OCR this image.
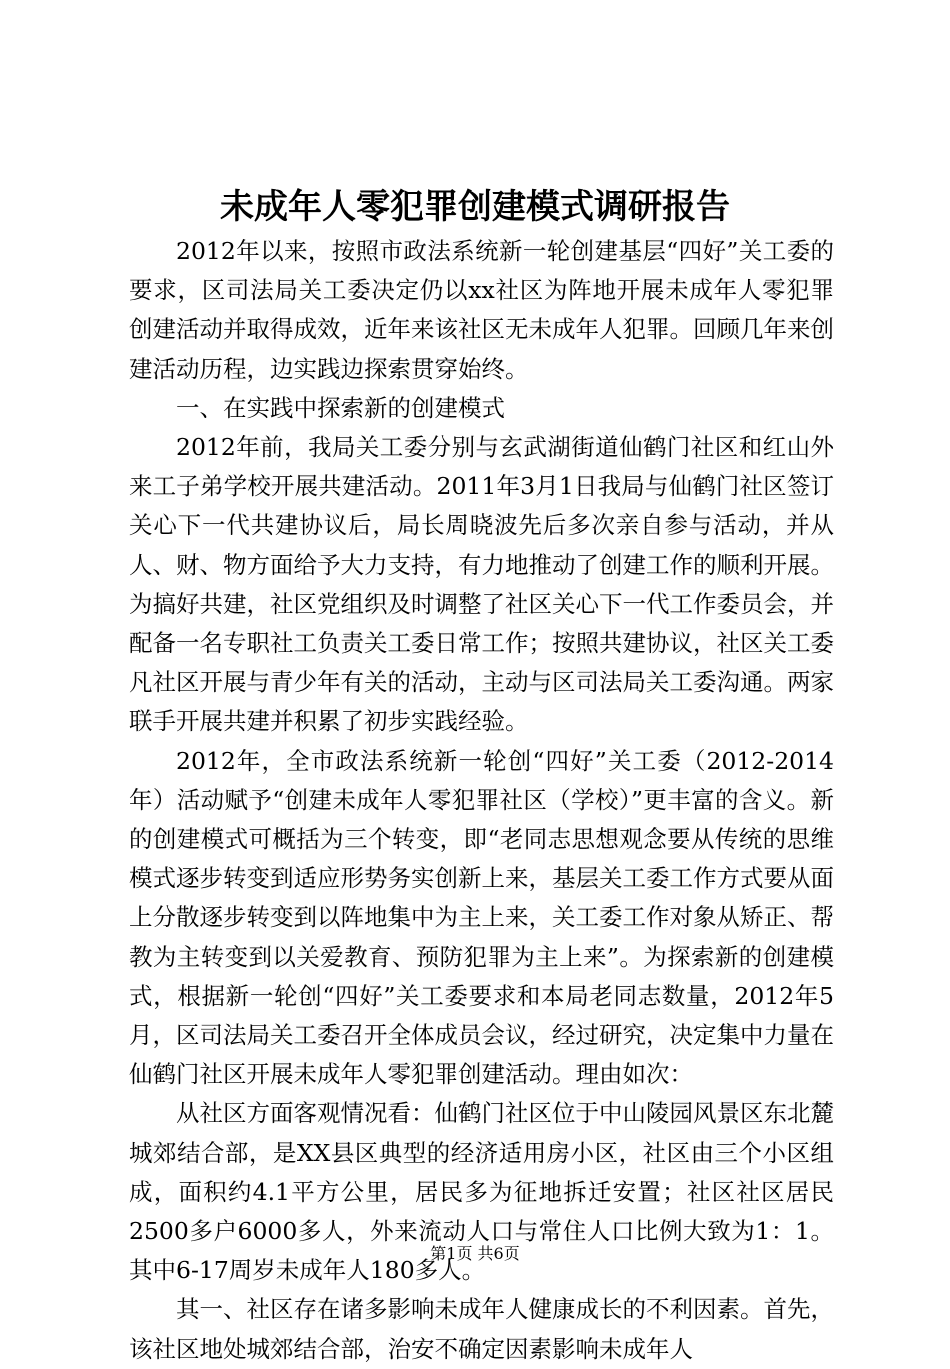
未成年人零犯罪创建模式调研报告

2012年以来，按照市政法系统新一轮创建基层“四好”关工委的要求，区司法局关工委决定仍以xx社区为阵地开展未成年人零犯罪创建活动并取得成效，近年来该社区无未成年人犯罪。回顾几年来创建活动历程，边实践边探索贯穿始终。

一、在实践中探索新的创建模式

2012年前，我局关工委分别与玄武湖街道仙鹤门社区和红山外来工子弟学校开展共建活动。2011年3月1日我局与仙鹤门社区签订关心下一代共建协议后，局长周晓波先后多次亲自参与活动，并从人、财、物方面给予大力支持，有力地推动了创建工作的顺利开展。为搞好共建，社区党组织及时调整了社区关心下一代工作委员会，并配备一名专职社工负责关工委日常工作；按照共建协议，社区关工委凡社区开展与青少年有关的活动，主动与区司法局关工委沟通。两家联手开展共建并积累了初步实践经验。

2012年，全市政法系统新一轮创“四好”关工委（2012-2014年）活动赋予“创建未成年人零犯罪社区（学校）”更丰富的含义。新的创建模式可概括为三个转变，即“老同志思想观念要从传统的思维模式逐步转变到适应形势务实创新上来，基层关工委工作方式要从面上分散逐步转变到以阵地集中为主上来，关工委工作对象从矫正、帮教为主转变到以关爱教育、预防犯罪为主上来”。为探索新的创建模式，根据新一轮创“四好”关工委要求和本局老同志数量，2012年5月，区司法局关工委召开全体成员会议，经过研究，决定集中力量在仙鹤门社区开展未成年人零犯罪创建活动。理由如次：

从社区方面客观情况看：仙鹤门社区位于中山陵园风景区东北麓城郊结合部，是XX县区典型的经济适用房小区，社区由三个小区组成，面积约4.1平方公里，居民多为征地拆迁安置；社区社区居民2500多户6000多人，外来流动人口与常住人口比例大致为1：1。其中6-17周岁未成年人180多人。

其一、社区存在诸多影响未成年人健康成长的不利因素。首先，该社区地处城郊结合部，治安不确定因素影响未成年人

第1页 共6页
